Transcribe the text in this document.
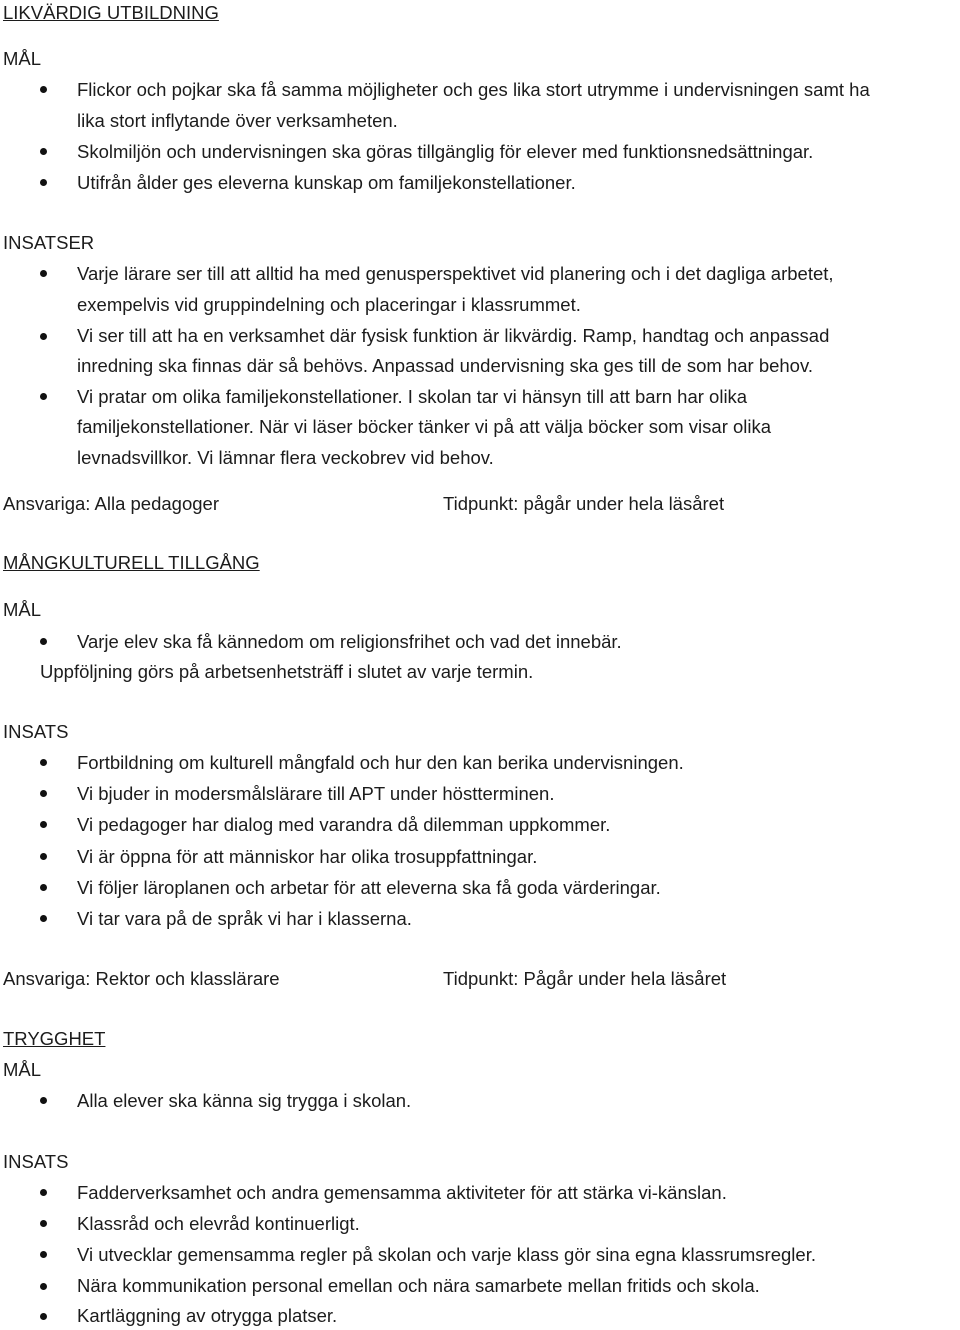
LIKVÄRDIG UTBILDNING
MÅL
Flickor och pojkar ska få samma möjligheter och ges lika stort utrymme i undervisningen samt ha
lika stort inflytande över verksamheten.
Skolmiljön och undervisningen ska göras tillgänglig för elever med funktionsnedsättningar.
Utifrån ålder ges eleverna kunskap om familjekonstellationer.
INSATSER
Varje lärare ser till att alltid ha med genusperspektivet vid planering och i det dagliga arbetet,
exempelvis vid gruppindelning och placeringar i klassrummet.
Vi ser till att ha en verksamhet där fysisk funktion är likvärdig. Ramp, handtag och anpassad
inredning ska finnas där så behövs. Anpassad undervisning ska ges till de som har behov.
Vi pratar om olika familjekonstellationer. I skolan tar vi hänsyn till att barn har olika
familjekonstellationer. När vi läser böcker tänker vi på att välja böcker som visar olika
levnadsvillkor. Vi lämnar flera veckobrev vid behov.
Ansvariga: Alla pedagoger	Tidpunkt: pågår under hela läsåret
MÅNGKULTURELL TILLGÅNG
MÅL
Varje elev ska få kännedom om religionsfrihet och vad det innebär.
Uppföljning görs på arbetsenhetsträff i slutet av varje termin.
INSATS
Fortbildning om kulturell mångfald och hur den kan berika undervisningen.
Vi bjuder in modersmålslärare till APT under höstterminen.
Vi pedagoger har dialog med varandra då dilemman uppkommer.
Vi är öppna för att människor har olika trosuppfattningar.
Vi följer läroplanen och arbetar för att eleverna ska få goda värderingar.
Vi tar vara på de språk vi har i klasserna.
Ansvariga: Rektor och klasslärare	Tidpunkt: Pågår under hela läsåret
TRYGGHET
MÅL
Alla elever ska känna sig trygga i skolan.
INSATS
Fadderverksamhet och andra gemensamma aktiviteter för att stärka vi-känslan.
Klassråd och elevråd kontinuerligt.
Vi utvecklar gemensamma regler på skolan och varje klass gör sina egna klassrumsregler.
Nära kommunikation personal emellan och nära samarbete mellan fritids och skola.
Kartläggning av otrygga platser.
